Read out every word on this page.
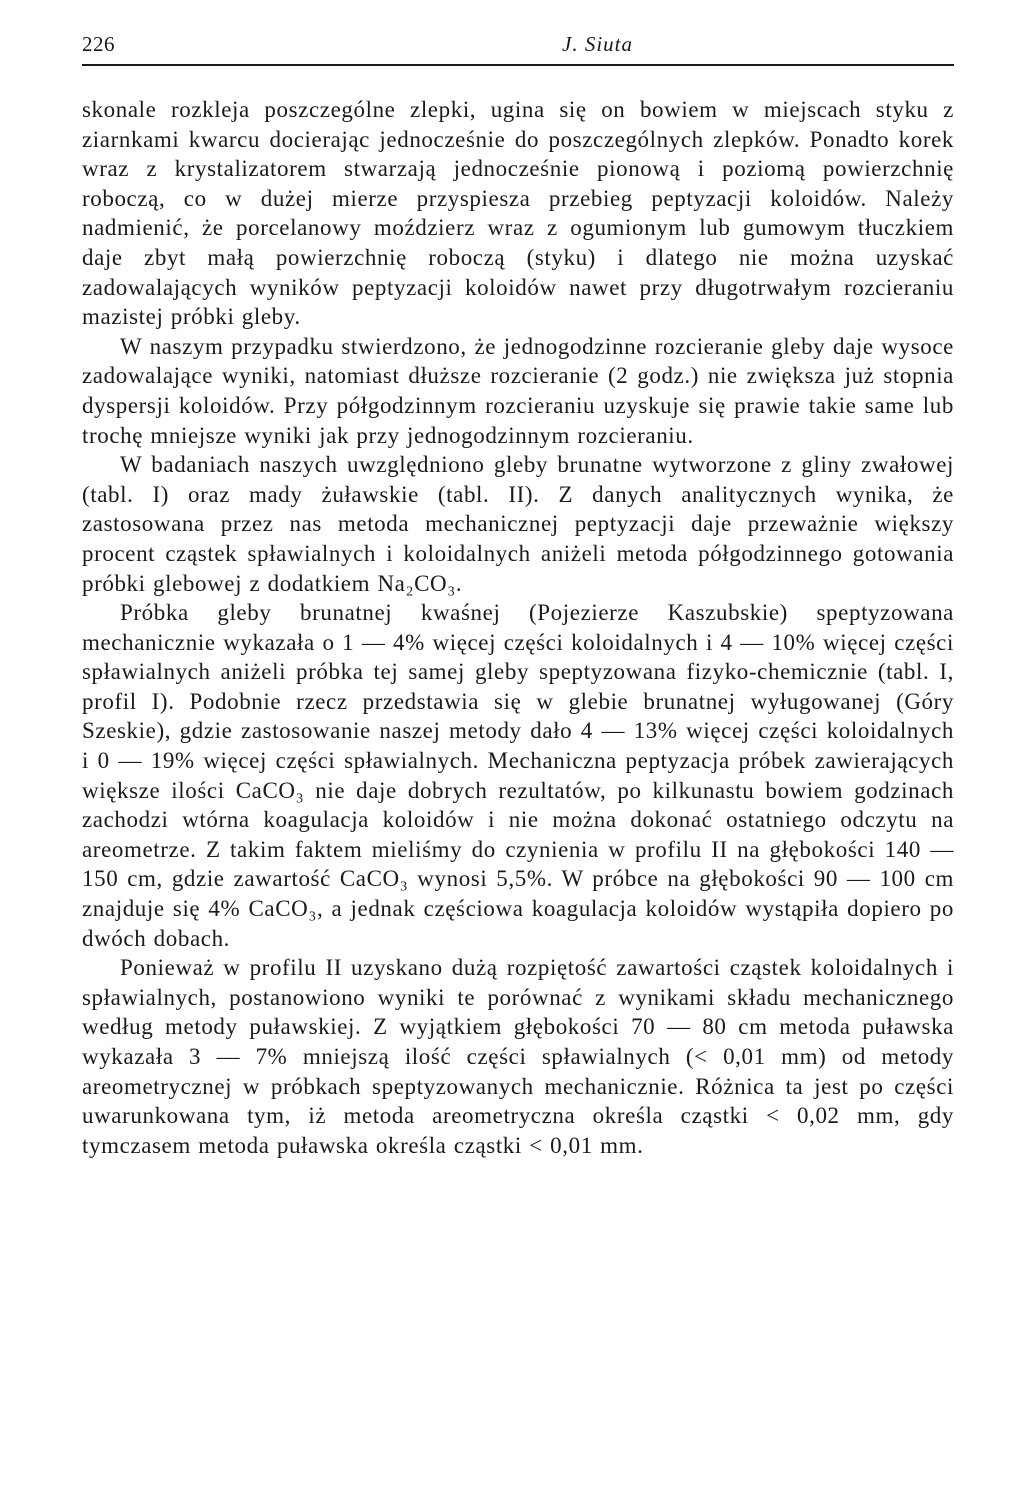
226	J. Siuta

skonale rozkleja poszczególne zlepki, ugina się on bowiem w miejscach styku z ziarnkami kwarcu docierając jednocześnie do poszczególnych zlepków. Ponadto korek wraz z krystalizatorem stwarzają jednocześnie pionową i poziomą powierzchnię roboczą, co w dużej mierze przyspiesza przebieg peptyzacji koloidów. Należy nadmienić, że porcelanowy moździerz wraz z ogumionym lub gumowym tłuczkiem daje zbyt małą powierzchnię roboczą (styku) i dlatego nie można uzyskać zadowalających wyników peptyzacji koloidów nawet przy długotrwałym rozcieraniu mazistej próbki gleby.

W naszym przypadku stwierdzono, że jednogodzinne rozcieranie gleby daje wysoce zadowalające wyniki, natomiast dłuższe rozcieranie (2 godz.) nie zwiększa już stopnia dyspersji koloidów. Przy półgodzinnym rozcieraniu uzyskuje się prawie takie same lub trochę mniejsze wyniki jak przy jednogodzinnym rozcieraniu.

W badaniach naszych uwzględniono gleby brunatne wytworzone z gliny zwałowej (tabl. I) oraz mady żuławskie (tabl. II). Z danych analitycznych wynika, że zastosowana przez nas metoda mechanicznej peptyzacji daje przeważnie większy procent cząstek spławialnych i koloidalnych aniżeli metoda półgodzinnego gotowania próbki glebowej z dodatkiem Na₂CO₃.

Próbka gleby brunatnej kwaśnej (Pojezierze Kaszubskie) speptyzowana mechanicznie wykazała o 1 — 4% więcej części koloidalnych i 4 — 10% więcej części spławialnych aniżeli próbka tej samej gleby speptyzowana fizyko-chemicznie (tabl. I, profil I). Podobnie rzecz przedstawia się w glebie brunatnej wyługowanej (Góry Szeskie), gdzie zastosowanie naszej metody dało 4 — 13% więcej części koloidalnych i 0 — 19% więcej części spławialnych. Mechaniczna peptyzacja próbek zawierających większe ilości CaCO₃ nie daje dobrych rezultatów, po kilkunastu bowiem godzinach zachodzi wtórna koagulacja koloidów i nie można dokonać ostatniego odczytu na areometrze. Z takim faktem mieliśmy do czynienia w profilu II na głębokości 140 — 150 cm, gdzie zawartość CaCO₃ wynosi 5,5%. W próbce na głębokości 90 — 100 cm znajduje się 4% CaCO₃, a jednak częściowa koagulacja koloidów wystąpiła dopiero po dwóch dobach.

Ponieważ w profilu II uzyskano dużą rozpiętość zawartości cząstek koloidalnych i spławialnych, postanowiono wyniki te porównać z wynikami składu mechanicznego według metody puławskiej. Z wyjątkiem głębokości 70 — 80 cm metoda puławska wykazała 3 — 7% mniejszą ilość części spławialnych (< 0,01 mm) od metody areometrycznej w próbkach speptyzowanych mechanicznie. Różnica ta jest po części uwarunkowana tym, iż metoda areometryczna określa cząstki < 0,02 mm, gdy tymczasem metoda puławska określa cząstki < 0,01 mm.
